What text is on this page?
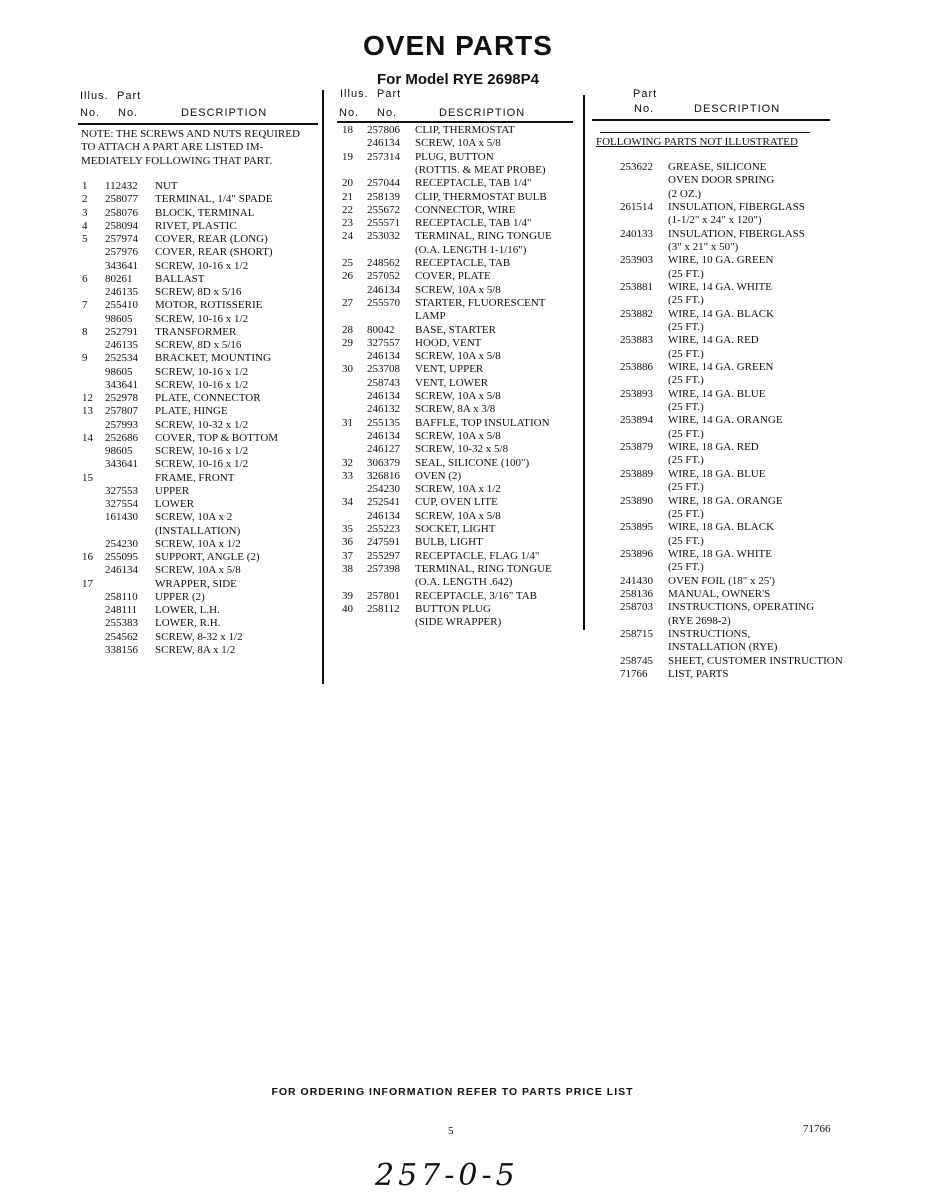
OVEN PARTS
For Model RYE 2698P4
Illus. Part
No. No.	DESCRIPTION
NOTE: THE SCREWS AND NUTS REQUIRED
TO ATTACH A PART ARE LISTED IM-
MEDIATELY FOLLOWING THAT PART.
1 112432 NUT
2 258077 TERMINAL, 1/4" SPADE
3 258076 BLOCK, TERMINAL
4 258094 RIVET, PLASTIC
5 257974 COVER, REAR (LONG)
257976 COVER, REAR (SHORT)
343641 SCREW, 10-16 x 1/2
6 80261 BALLAST
246135 SCREW, 8D x 5/16
7 255410 MOTOR, ROTISSERIE
98605 SCREW, 10-16 x 1/2
8 252791 TRANSFORMER
246135 SCREW, 8D x 5/16
9 252534 BRACKET, MOUNTING
98605 SCREW, 10-16 x 1/2
343641 SCREW, 10-16 x 1/2
12 252978 PLATE, CONNECTOR
13 257807 PLATE, HINGE
257993 SCREW, 10-32 x 1/2
14 252686 COVER, TOP & BOTTOM
98605 SCREW, 10-16 x 1/2
343641 SCREW, 10-16 x 1/2
15	FRAME, FRONT
327553 UPPER
327554 LOWER
161430 SCREW, 10A x 2
(INSTALLATION)
254230 SCREW, 10A x 1/2
16 255095 SUPPORT, ANGLE (2)
246134 SCREW, 10A x 5/8
17	WRAPPER, SIDE
258110 UPPER (2)
248111 LOWER, L.H.
255383 LOWER, R.H.
254562 SCREW, 8-32 x 1/2
338156 SCREW, 8A x 1/2
Illus. Part
No. No.	DESCRIPTION
18 257806 CLIP, THERMOSTAT
246134 SCREW, 10A x 5/8
19 257314 PLUG, BUTTON
(ROTTIS. & MEAT PROBE)
20 257044 RECEPTACLE, TAB 1/4"
21 258139 CLIP, THERMOSTAT BULB
22 255672 CONNECTOR, WIRE
23 255571 RECEPTACLE, TAB 1/4"
24 253032 TERMINAL, RING TONGUE
(O.A. LENGTH 1-1/16")
25 248562 RECEPTACLE, TAB
26 257052 COVER, PLATE
246134 SCREW, 10A x 5/8
27 255570 STARTER, FLUORESCENT
LAMP
28 80042 BASE, STARTER
29 327557 HOOD, VENT
246134 SCREW, 10A x 5/8
30 253708 VENT, UPPER
258743 VENT, LOWER
246134 SCREW, 10A x 5/8
246132 SCREW, 8A x 3/8
31 255135 BAFFLE, TOP INSULATION
246134 SCREW, 10A x 5/8
246127 SCREW, 10-32 x 5/8
32 306379 SEAL, SILICONE (100")
33 326816 OVEN (2)
254230 SCREW, 10A x 1/2
34 252541 CUP, OVEN LITE
246134 SCREW, 10A x 5/8
35 255223 SOCKET, LIGHT
36 247591 BULB, LIGHT
37 255297 RECEPTACLE, FLAG 1/4"
38 257398 TERMINAL, RING TONGUE
(O.A. LENGTH .642)
39 257801 RECEPTACLE, 3/16" TAB
40 258112 BUTTON PLUG
(SIDE WRAPPER)
Part
No.	DESCRIPTION
FOLLOWING PARTS NOT ILLUSTRATED
253622 GREASE, SILICONE
OVEN DOOR SPRING
(2 OZ.)
261514 INSULATION, FIBERGLASS
(1-1/2" x 24" x 120")
240133 INSULATION, FIBERGLASS
(3" x 21" x 50")
253903 WIRE, 10 GA. GREEN
(25 FT.)
253881 WIRE, 14 GA. WHITE
(25 FT.)
253882 WIRE, 14 GA. BLACK
(25 FT.)
253883 WIRE, 14 GA. RED
(25 FT.)
253886 WIRE, 14 GA. GREEN
(25 FT.)
253893 WIRE, 14 GA. BLUE
(25 FT.)
253894 WIRE, 14 GA. ORANGE
(25 FT.)
253879 WIRE, 18 GA. RED
(25 FT.)
253889 WIRE, 18 GA. BLUE
(25 FT.)
253890 WIRE, 18 GA. ORANGE
(25 FT.)
253895 WIRE, 18 GA. BLACK
(25 FT.)
253896 WIRE, 18 GA. WHITE
(25 FT.)
241430 OVEN FOIL (18" x 25')
258136 MANUAL, OWNER'S
258703 INSTRUCTIONS, OPERATING
(RYE 2698-2)
258715 INSTRUCTIONS,
INSTALLATION (RYE)
258745 SHEET, CUSTOMER INSTRUCTION
71766 LIST, PARTS
FOR ORDERING INFORMATION REFER TO PARTS PRICE LIST
5	71766
257-0-5
